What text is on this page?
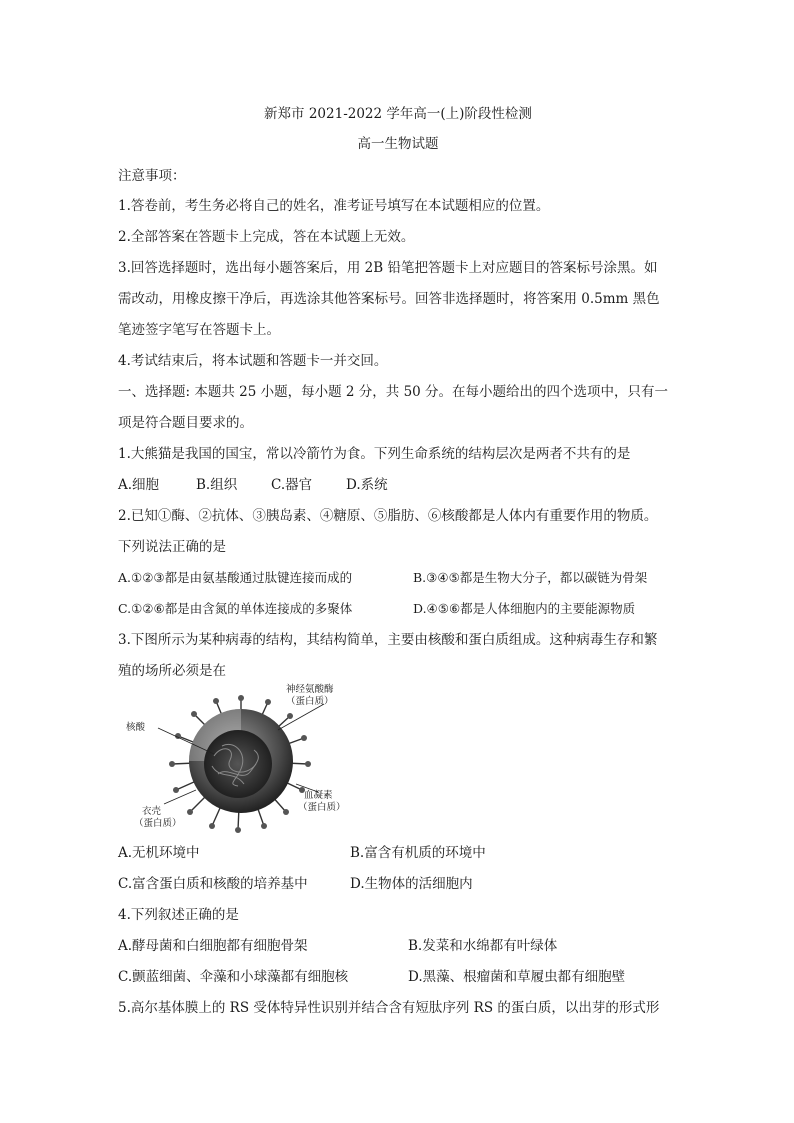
新郑市 2021-2022 学年高一(上)阶段性检测
高一生物试题
注意事项：
1.答卷前，考生务必将自己的姓名，准考证号填写在本试题相应的位置。
2.全部答案在答题卡上完成，答在本试题上无效。
3.回答选择题时，选出每小题答案后，用 2B 铅笔把答题卡上对应题目的答案标号涂黑。如
需改动，用橡皮擦干净后，再选涂其他答案标号。回答非选择题时，将答案用 0.5mm 黑色
笔迹签字笔写在答题卡上。
4.考试结束后，将本试题和答题卡一并交回。
一、选择题: 本题共 25 小题，每小题 2 分，共 50 分。在每小题给出的四个选项中，只有一
项是符合题目要求的。
1.大熊猫是我国的国宝，常以冷箭竹为食。下列生命系统的结构层次是两者不共有的是
A.细胞	B.组织	C.器官	D.系统
2.已知①酶、②抗体、③胰岛素、④糖原、⑤脂肪、⑥核酸都是人体内有重要作用的物质。
下列说法正确的是
A.①②③都是由氨基酸通过肽键连接而成的	B.③④⑤都是生物大分子，都以碳链为骨架
C.①②⑥都是由含氮的单体连接成的多聚体	D.④⑤⑥都是人体细胞内的主要能源物质
3.下图所示为某种病毒的结构，其结构简单，主要由核酸和蛋白质组成。这种病毒生存和繁
殖的场所必须是在
神经氨酸酶
（蛋白质）
核酸
血凝素
（蛋白质）
衣壳
（蛋白质）
A.无机环境中	B.富含有机质的环境中
C.富含蛋白质和核酸的培养基中	D.生物体的活细胞内
4.下列叙述正确的是
A.酵母菌和白细胞都有细胞骨架	B.发菜和水绵都有叶绿体
C.颤蓝细菌、伞藻和小球藻都有细胞核	D.黑藻、根瘤菌和草履虫都有细胞壁
5.高尔基体膜上的 RS 受体特异性识别并结合含有短肽序列 RS 的蛋白质，以出芽的形式形
